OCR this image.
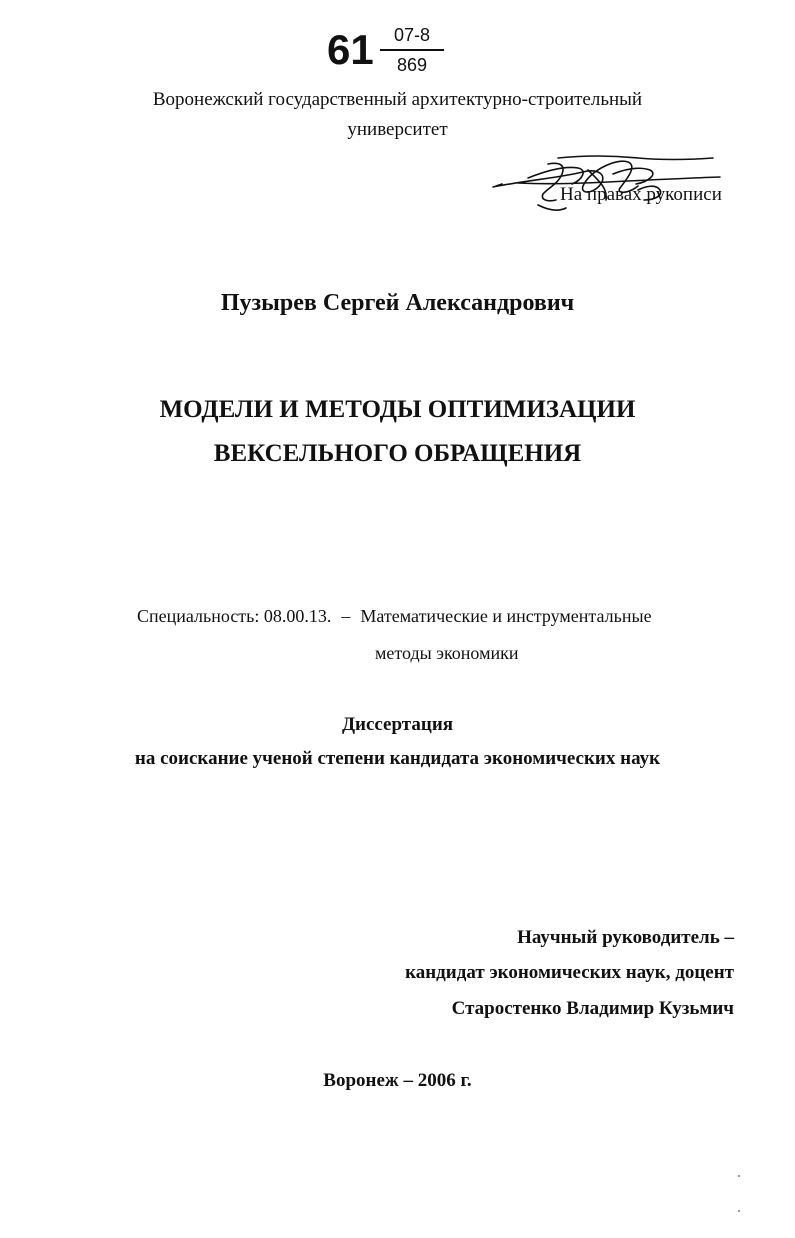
61	07-8
869
Воронежский государственный архитектурно-строительный
университет
На правах рукописи
Пузырев Сергей Александрович
МОДЕЛИ И МЕТОДЫ ОПТИМИЗАЦИИ
ВЕКСЕЛЬНОГО ОБРАЩЕНИЯ
Специальность: 08.00.13. – Математические и инструментальные
методы экономики
Диссертация
на соискание ученой степени кандидата экономических наук
Научный руководитель –
кандидат экономических наук, доцент
Старостенко Владимир Кузьмич
Воронеж – 2006 г.
